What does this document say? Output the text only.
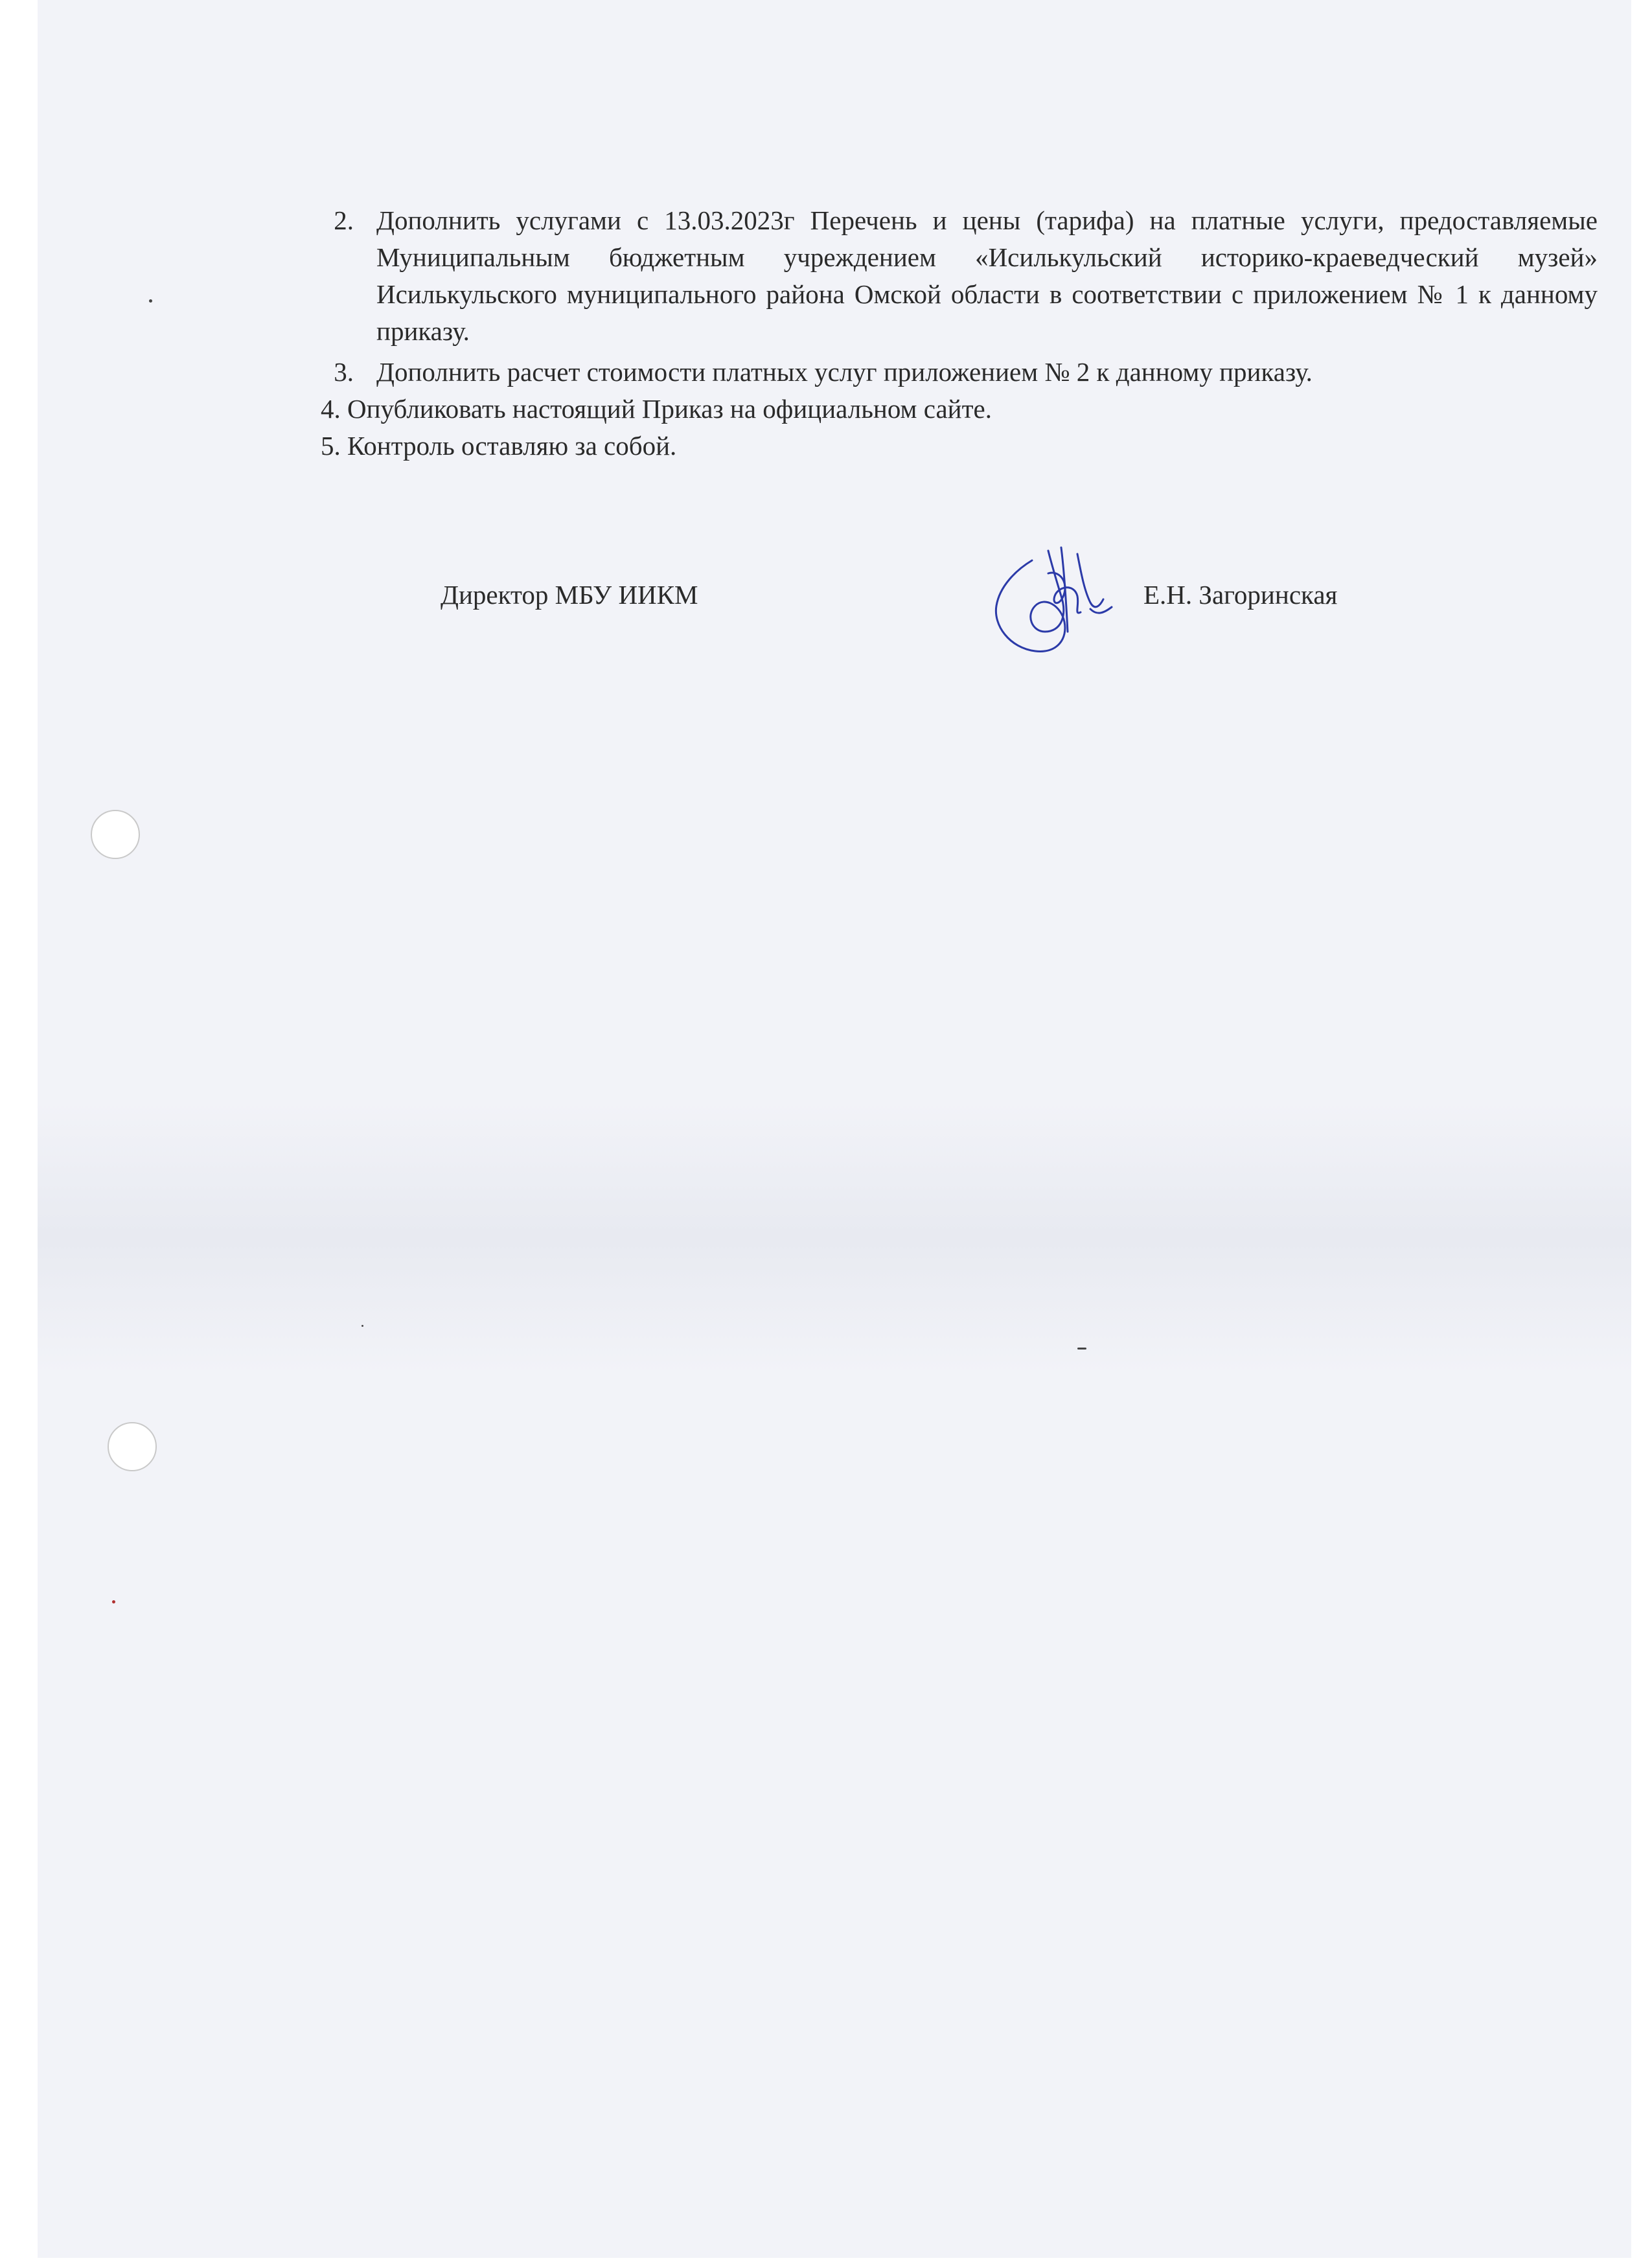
2. Дополнить услугами с 13.03.2023г Перечень и цены (тарифа) на платные услуги, предоставляемые Муниципальным бюджетным учреждением «Исилькульский историко-краеведческий музей» Исилькульского муниципального района Омской области в соответствии с приложением № 1 к данному приказу.
3. Дополнить расчет стоимости платных услуг приложением № 2 к данному приказу.
4. Опубликовать настоящий Приказ на официальном сайте.
5. Контроль оставляю за собой.
Директор МБУ ИИКМ	Е.Н. Загоринская
